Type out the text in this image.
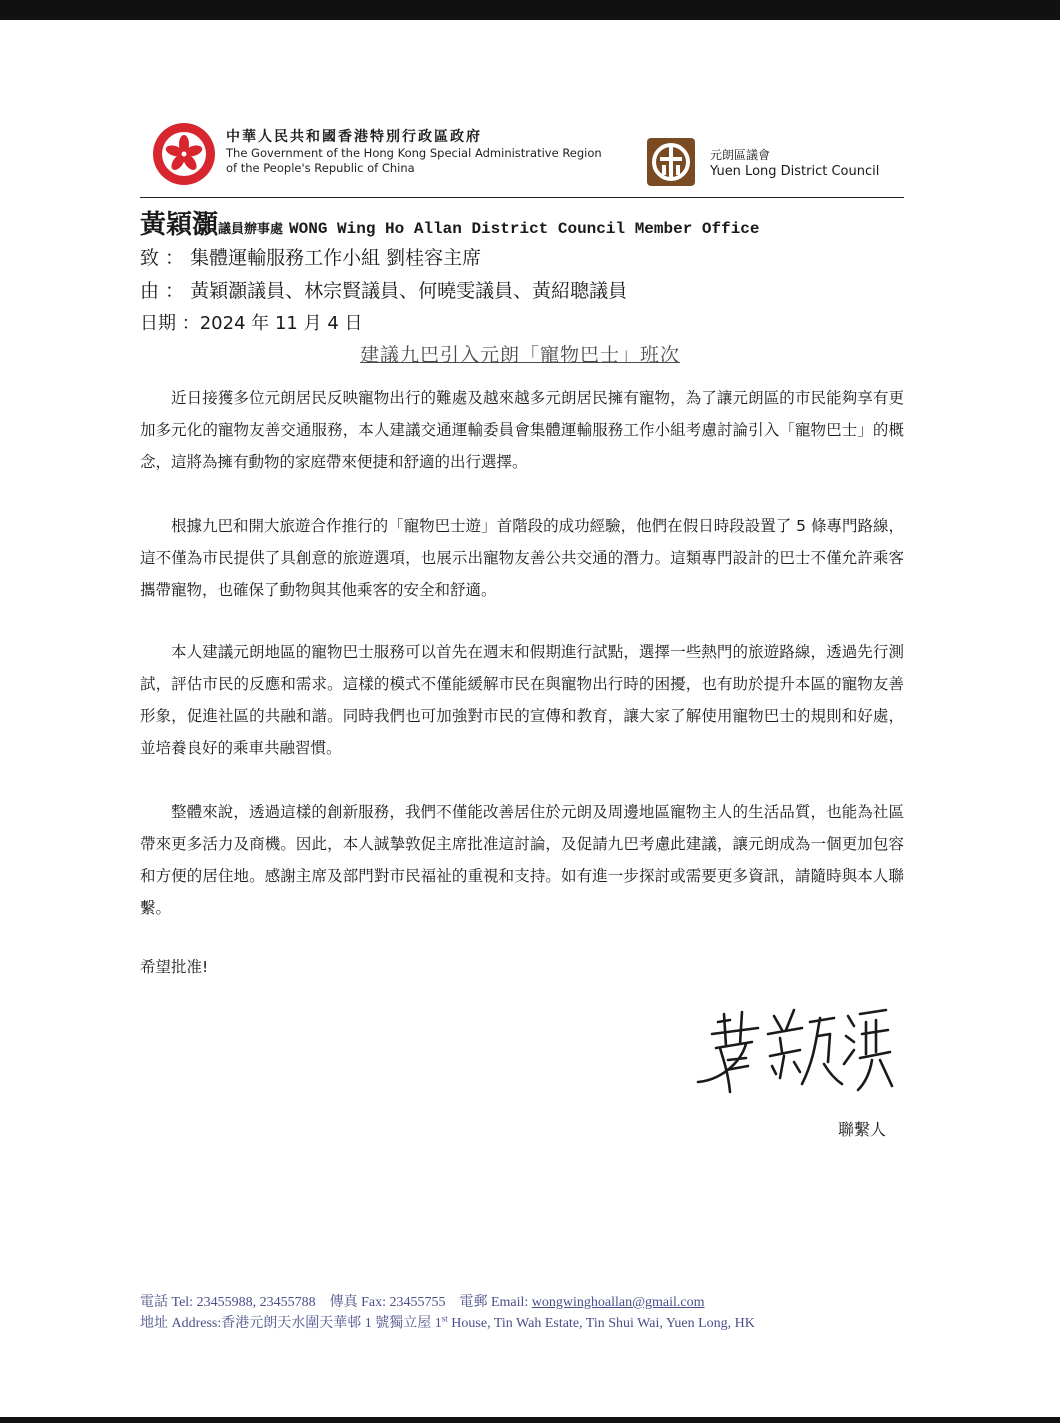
中華人民共和國香港特別行政區政府
The Government of the Hong Kong Special Administrative Region
of the People's Republic of China
元朗區議會
Yuen Long District Council
黃穎灝議員辦事處 WONG Wing Ho Allan District Council Member Office
致 ： 集體運輸服務工作小組 劉桂容主席
由 ： 黃穎灝議員、林宗賢議員、何曉雯議員、黃紹聰議員
日期 ：2024 年 11 月 4 日
建議九巴引入元朗「寵物巴士」班次
近日接獲多位元朗居民反映寵物出行的難處及越來越多元朗居民擁有寵物，為了讓元朗區的市民能夠享有更加多元化的寵物友善交通服務，本人建議交通運輸委員會集體運輸服務工作小組考慮討論引入「寵物巴士」的概念，這將為擁有動物的家庭帶來便捷和舒適的出行選擇。
根據九巴和開大旅遊合作推行的「寵物巴士遊」首階段的成功經驗，他們在假日時段設置了 5 條專門路線，這不僅為市民提供了具創意的旅遊選項，也展示出寵物友善公共交通的潛力。這類專門設計的巴士不僅允許乘客攜帶寵物，也確保了動物與其他乘客的安全和舒適。
本人建議元朗地區的寵物巴士服務可以首先在週末和假期進行試點，選擇一些熱門的旅遊路線，透過先行測試，評估市民的反應和需求。這樣的模式不僅能緩解市民在與寵物出行時的困擾，也有助於提升本區的寵物友善形象，促進社區的共融和諧。同時我們也可加強對市民的宣傳和教育，讓大家了解使用寵物巴士的規則和好處，並培養良好的乘車共融習慣。
整體來說，透過這樣的創新服務，我們不僅能改善居住於元朗及周邊地區寵物主人的生活品質，也能為社區帶來更多活力及商機。因此，本人誠摯敦促主席批准這討論，及促請九巴考慮此建議，讓元朗成為一個更加包容和方便的居住地。感謝主席及部門對市民福祉的重視和支持。如有進一步探討或需要更多資訊，請隨時與本人聯繫。
希望批准!
聯繫人
電話 Tel: 23455988, 23455788 傳真 Fax: 23455755 電郵 Email: wongwinghoallan@gmail.com
地址 Address:香港元朗天水圍天華邨 1 號獨立屋 1st House, Tin Wah Estate, Tin Shui Wai, Yuen Long, HK
